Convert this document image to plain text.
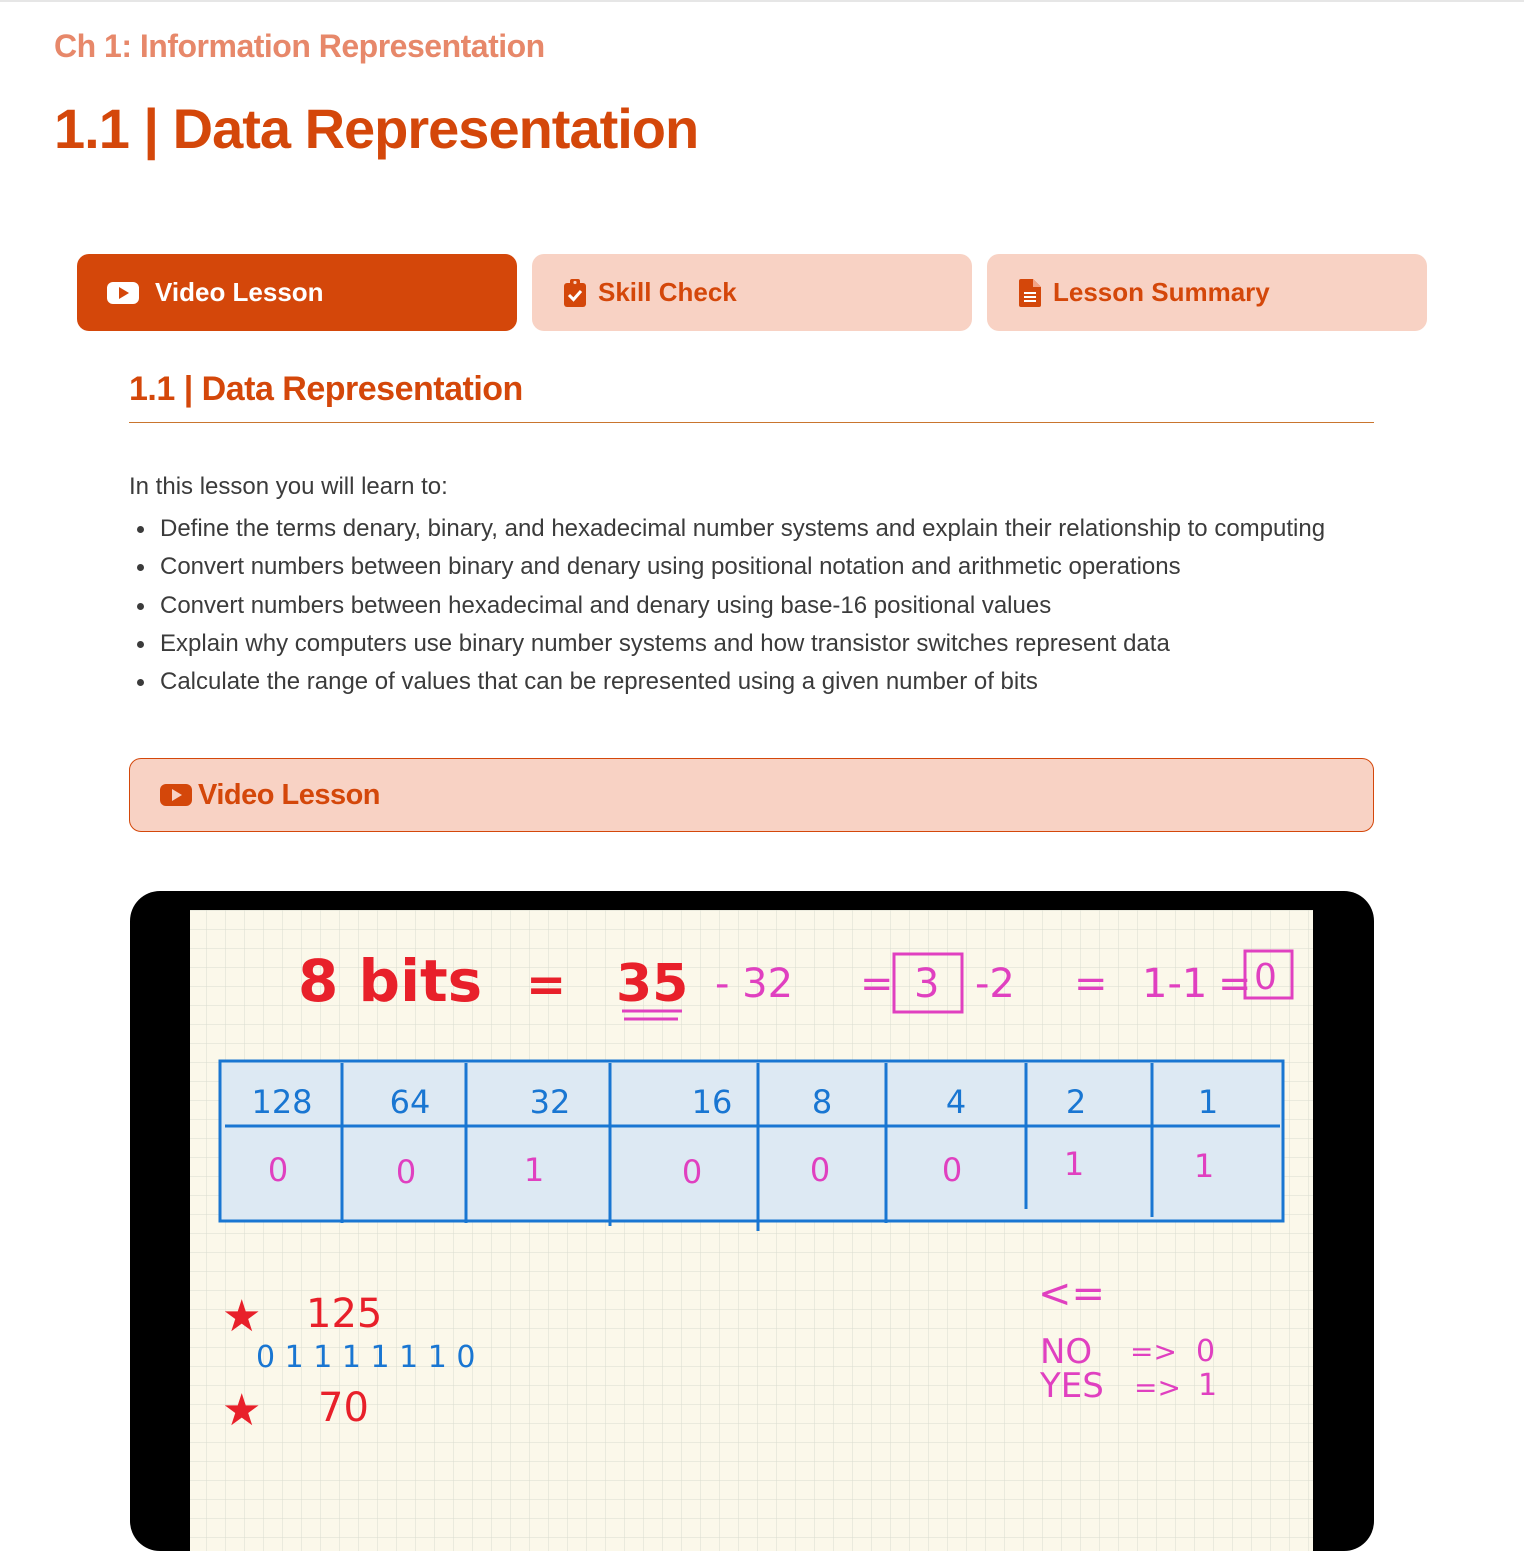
Ch 1: Information Representation
1.1 | Data Representation
Video Lesson	Skill Check	Lesson Summary
1.1 | Data Representation
In this lesson you will learn to:
Define the terms denary, binary, and hexadecimal number systems and explain their relationship to computing
Convert numbers between binary and denary using positional notation and arithmetic operations
Convert numbers between hexadecimal and denary using base-16 positional values
Explain why computers use binary number systems and how transistor switches represent data
Calculate the range of values that can be represented using a given number of bits
Video Lesson
8 bits = 35 - 32 = 3 -2 = 1-1 = 0
128 64	32	16 8	4	2	1
0	0	1	0	0	0	1	1
★ 125
0 1 1 1 1 1 1 0
★ 70
<=
NO => 0
YES => 1
